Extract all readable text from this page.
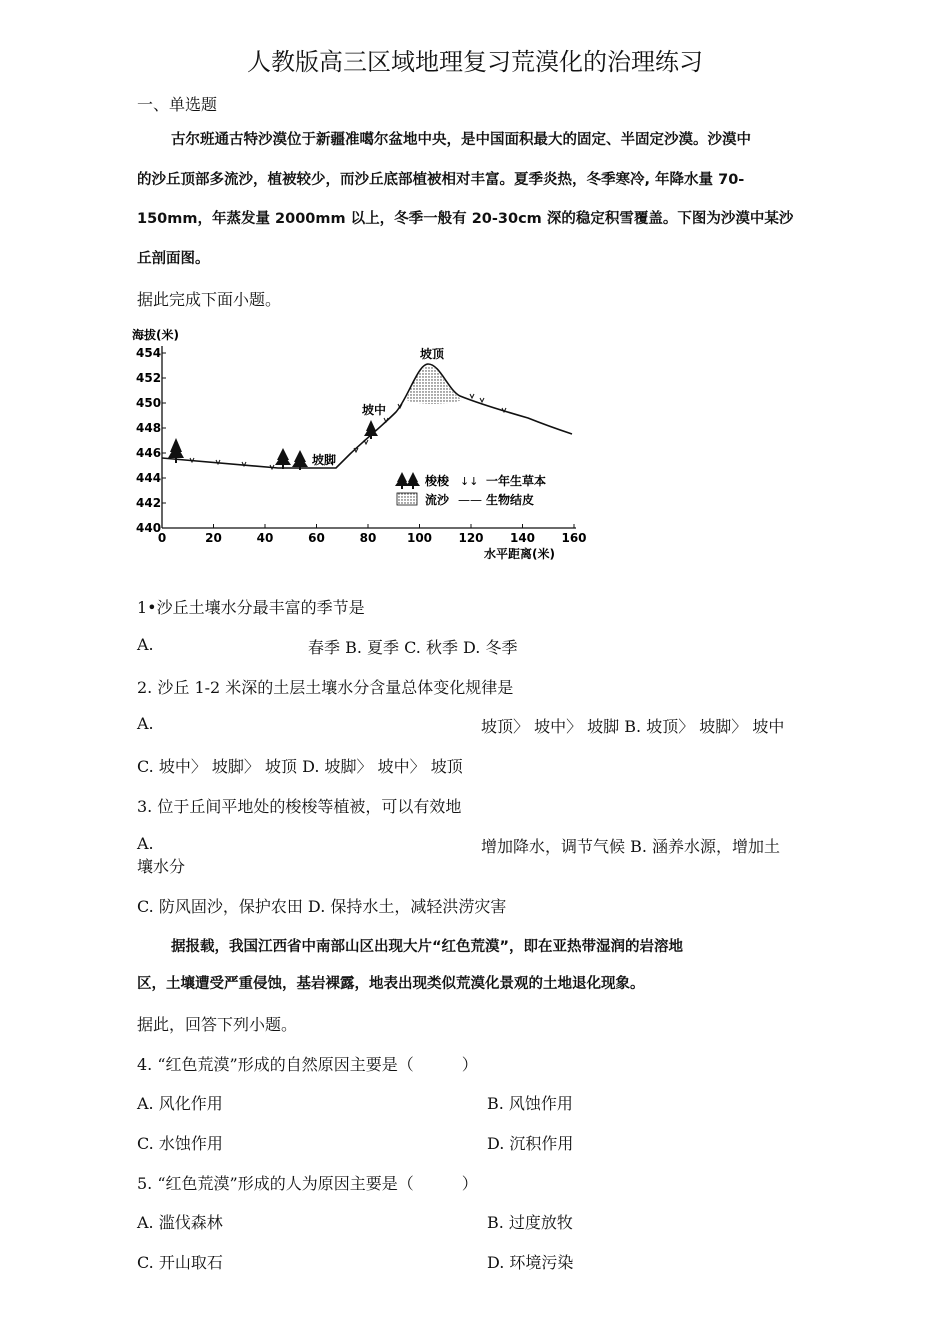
人教版高三区域地理复习荒漠化的治理练习
一、单选题
古尔班通古特沙漠位于新疆准噶尔盆地中央，是中国面积最大的固定、半固定沙漠。沙漠中
的沙丘顶部多流沙，植被较少，而沙丘底部植被相对丰富。夏季炎热，冬季寒冷, 年降水量 70-
150mm，年蒸发量 2000mm 以上，冬季一般有 20-30cm 深的稳定积雪覆盖。下图为沙漠中某沙
丘剖面图。
据此完成下面小题。
海拔(米)
454
452
450
448
446
444
442
440
0	20	40	60	80	100 120 140 160
水平距离(米)
坡顶
坡中
坡脚
梭梭 ↓↓ 一年生草本
流沙 —— 生物结皮
1•沙丘土壤水分最丰富的季节是
A.	春季 B. 夏季 C. 秋季 D. 冬季
2. 沙丘 1-2 米深的土层土壤水分含量总体变化规律是
A.	坡顶〉 坡中〉 坡脚 B. 坡顶〉 坡脚〉 坡中
C. 坡中〉 坡脚〉 坡顶 D. 坡脚〉 坡中〉 坡顶
3. 位于丘间平地处的梭梭等植被，可以有效地
A.	增加降水，调节气候 B. 涵养水源，增加土
壤水分
C. 防风固沙，保护农田 D. 保持水土，减轻洪涝灾害
据报载，我国江西省中南部山区出现大片“红色荒漠”，即在亚热带湿润的岩溶地
区，土壤遭受严重侵蚀，基岩裸露，地表出现类似荒漠化景观的土地退化现象。
据此，回答下列小题。
4. “红色荒漠”形成的自然原因主要是（　　　）
A. 风化作用	B. 风蚀作用
C. 水蚀作用	D. 沉积作用
5. “红色荒漠”形成的人为原因主要是（　　　）
A. 滥伐森林	B. 过度放牧
C. 开山取石	D. 环境污染
